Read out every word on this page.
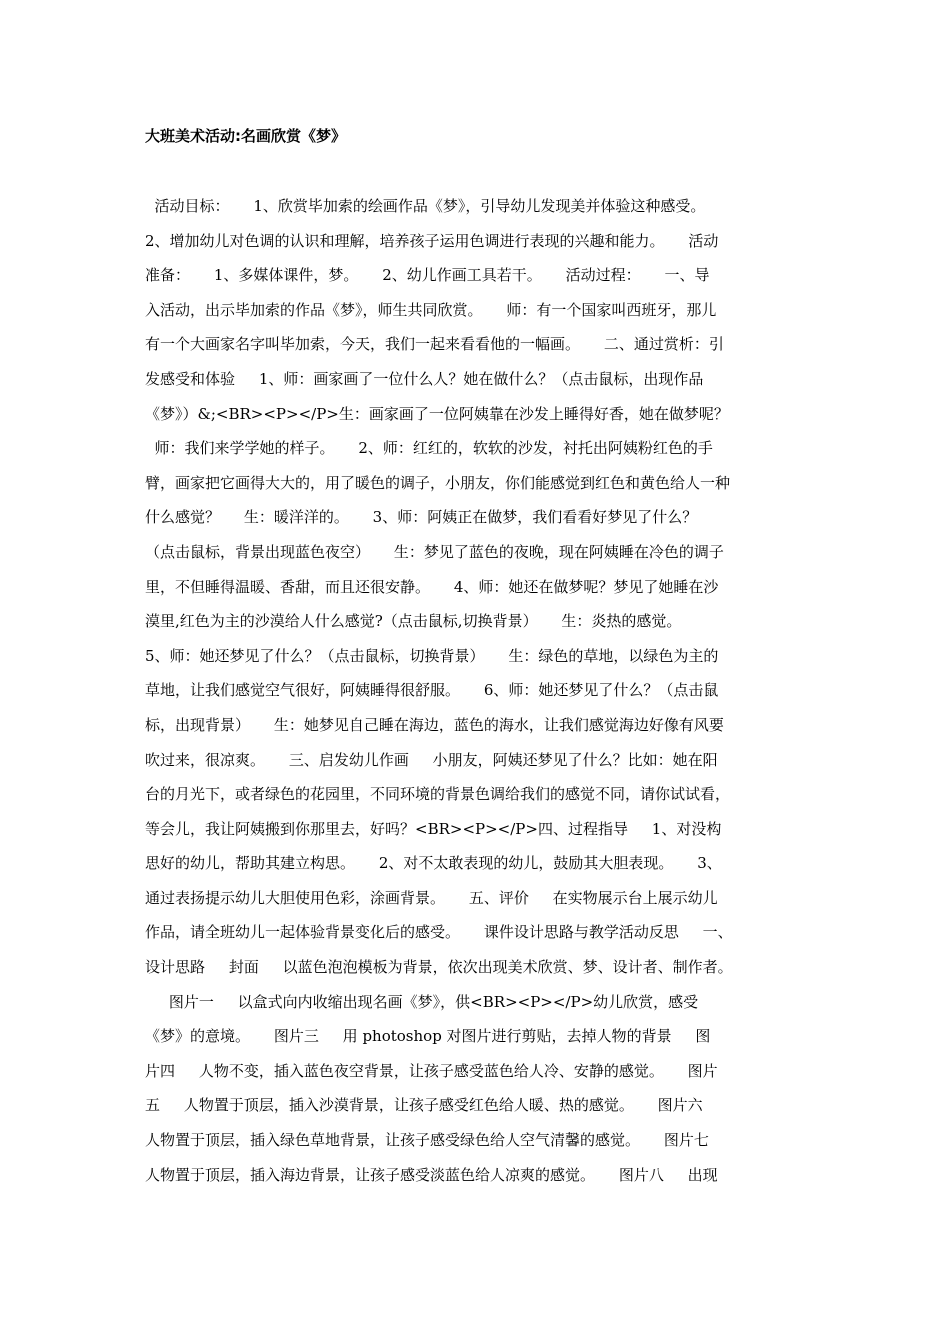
大班美术活动:名画欣赏《梦》
活动目标：     1、欣赏毕加索的绘画作品《梦》，引导幼儿发现美并体验这种感受。
2、增加幼儿对色调的认识和理解，培养孩子运用色调进行表现的兴趣和能力。     活动
准备：     1、多媒体课件，梦。     2、幼儿作画工具若干。     活动过程：     一、导
入活动，出示毕加索的作品《梦》，师生共同欣赏。     师：有一个国家叫西班牙，那儿
有一个大画家名字叫毕加索，今天，我们一起来看看他的一幅画。     二、通过赏析：引
发感受和体验     1、师：画家画了一位什么人？她在做什么？（点击鼠标，出现作品
《梦》）&;<BR><P></P>生：画家画了一位阿姨靠在沙发上睡得好香，她在做梦呢？
师：我们来学学她的样子。     2、师：红红的，软软的沙发，衬托出阿姨粉红色的手
臂，画家把它画得大大的，用了暖色的调子，小朋友，你们能感觉到红色和黄色给人一种
什么感觉？     生：暖洋洋的。     3、师：阿姨正在做梦，我们看看好梦见了什么？
（点击鼠标，背景出现蓝色夜空）     生：梦见了蓝色的夜晚，现在阿姨睡在冷色的调子
里，不但睡得温暖、香甜，而且还很安静。     4、师：她还在做梦呢？梦见了她睡在沙
漠里,红色为主的沙漠给人什么感觉?（点击鼠标,切换背景）     生：炎热的感觉。
5、师：她还梦见了什么？（点击鼠标，切换背景）     生：绿色的草地，以绿色为主的
草地，让我们感觉空气很好，阿姨睡得很舒服。     6、师：她还梦见了什么？（点击鼠
标，出现背景）     生：她梦见自己睡在海边，蓝色的海水，让我们感觉海边好像有风要
吹过来，很凉爽。     三、启发幼儿作画     小朋友，阿姨还梦见了什么？比如：她在阳
台的月光下，或者绿色的花园里，不同环境的背景色调给我们的感觉不同，请你试试看，
等会儿，我让阿姨搬到你那里去，好吗？<BR><P></P>四、过程指导     1、对没构
思好的幼儿，帮助其建立构思。     2、对不太敢表现的幼儿，鼓励其大胆表现。     3、
通过表扬提示幼儿大胆使用色彩，涂画背景。     五、评价     在实物展示台上展示幼儿
作品，请全班幼儿一起体验背景变化后的感受。     课件设计思路与教学活动反思     一、
设计思路     封面     以蓝色泡泡模板为背景，依次出现美术欣赏、梦、设计者、制作者。
图片一     以盒式向内收缩出现名画《梦》，供<BR><P></P>幼儿欣赏，感受
《梦》的意境。     图片三     用 photoshop 对图片进行剪贴，去掉人物的背景     图
片四     人物不变，插入蓝色夜空背景，让孩子感受蓝色给人冷、安静的感觉。     图片
五     人物置于顶层，插入沙漠背景，让孩子感受红色给人暖、热的感觉。     图片六
人物置于顶层，插入绿色草地背景，让孩子感受绿色给人空气清馨的感觉。     图片七
人物置于顶层，插入海边背景，让孩子感受淡蓝色给人凉爽的感觉。     图片八     出现
